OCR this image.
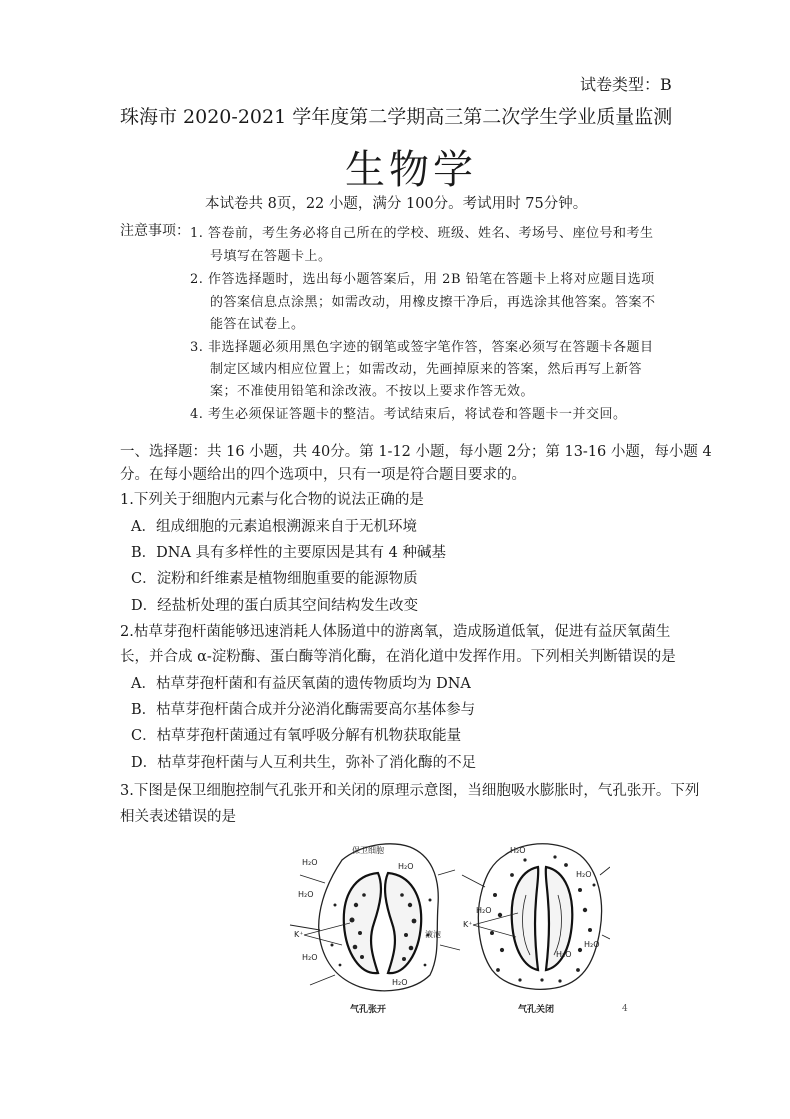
试卷类型：B
珠海市 2020-2021 学年度第二学期高三第二次学生学业质量监测
生物学
本试卷共 8页，22 小题，满分 100分。考试用时 75分钟。
注意事项： 1. 答卷前，考生务必将自己所在的学校、班级、姓名、考场号、座位号和考生
号填写在答题卡上。
2. 作答选择题时，选出每小题答案后，用 2B 铅笔在答题卡上将对应题目选项
的答案信息点涂黑；如需改动，用橡皮擦干净后，再选涂其他答案。答案不
能答在试卷上。
3. 非选择题必须用黑色字迹的钢笔或签字笔作答，答案必须写在答题卡各题目
制定区域内相应位置上；如需改动，先画掉原来的答案，然后再写上新答
案；不准使用铅笔和涂改液。不按以上要求作答无效。
4. 考生必须保证答题卡的整洁。考试结束后，将试卷和答题卡一并交回。
一、选择题：共 16 小题，共 40分。第 1-12 小题，每小题 2分；第 13-16 小题，每小题 4
分。在每小题给出的四个选项中，只有一项是符合题目要求的。
1.下列关于细胞内元素与化合物的说法正确的是
A．组成细胞的元素追根溯源来自于无机环境
B．DNA 具有多样性的主要原因是其有 4 种碱基
C．淀粉和纤维素是植物细胞重要的能源物质
D．经盐析处理的蛋白质其空间结构发生改变
2.枯草芽孢杆菌能够迅速消耗人体肠道中的游离氧，造成肠道低氧，促进有益厌氧菌生
长，并合成 α-淀粉酶、蛋白酶等消化酶，在消化道中发挥作用。下列相关判断错误的是
A．枯草芽孢杆菌和有益厌氧菌的遗传物质均为 DNA
B．枯草芽孢杆菌合成并分泌消化酶需要高尔基体参与
C．枯草芽孢杆菌通过有氧呼吸分解有机物获取能量
D．枯草芽孢杆菌与人互利共生，弥补了消化酶的不足
3.下图是保卫细胞控制气孔张开和关闭的原理示意图，当细胞吸水膨胀时，气孔张开。下列
相关表述错误的是
H₂O
H₂O
H₂O
H₂O
H₂O
K⁺
保卫细胞
液泡
气孔张开
H₂O
H₂O
H₂O
H₂O
H₂O
K⁺
气孔关闭	4
